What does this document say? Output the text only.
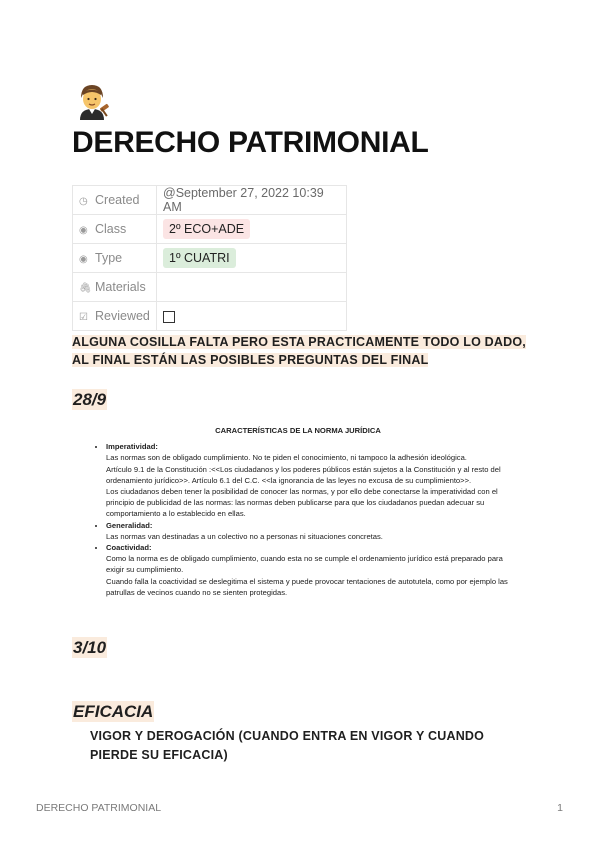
DERECHO PATRIMONIAL
◷ Created	@September 27, 2022 10:39 AM
◉ Class	2º ECO+ADE
◉ Type	1º CUATRI
🖇 Materials	
☑ Reviewed	
ALGUNA COSILLA FALTA PERO ESTA PRACTICAMENTE TODO LO DADO, AL FINAL ESTÁN LAS POSIBLES PREGUNTAS DEL FINAL
28/9
CARACTERÍSTICAS DE LA NORMA JURÍDICA
• Imperatividad:
Las normas son de obligado cumplimiento. No te piden el conocimiento, ni tampoco la adhesión ideológica.
Artículo 9.1 de la Constitución :<<Los ciudadanos y los poderes públicos están sujetos a la Constitución y al resto del ordenamiento jurídico>>. Artículo 6.1 del C.C. <<la ignorancia de las leyes no excusa de su cumplimiento>>.
Los ciudadanos deben tener la posibilidad de conocer las normas, y por ello debe conectarse la imperatividad con el principio de publicidad de las normas: las normas deben publicarse para que los ciudadanos puedan adecuar su comportamiento a lo establecido en ellas.
• Generalidad:
Las normas van destinadas a un colectivo no a personas ni situaciones concretas.
• Coactividad:
Como la norma es de obligado cumplimiento, cuando esta no se cumple el ordenamiento jurídico está preparado para exigir su cumplimiento.
Cuando falla la coactividad se deslegitima el sistema y puede provocar tentaciones de autotutela, como por ejemplo las patrullas de vecinos cuando no se sienten protegidas.
3/10
EFICACIA
VIGOR Y DEROGACIÓN (CUANDO ENTRA EN VIGOR Y CUANDO PIERDE SU EFICACIA)
DERECHO PATRIMONIAL	1
